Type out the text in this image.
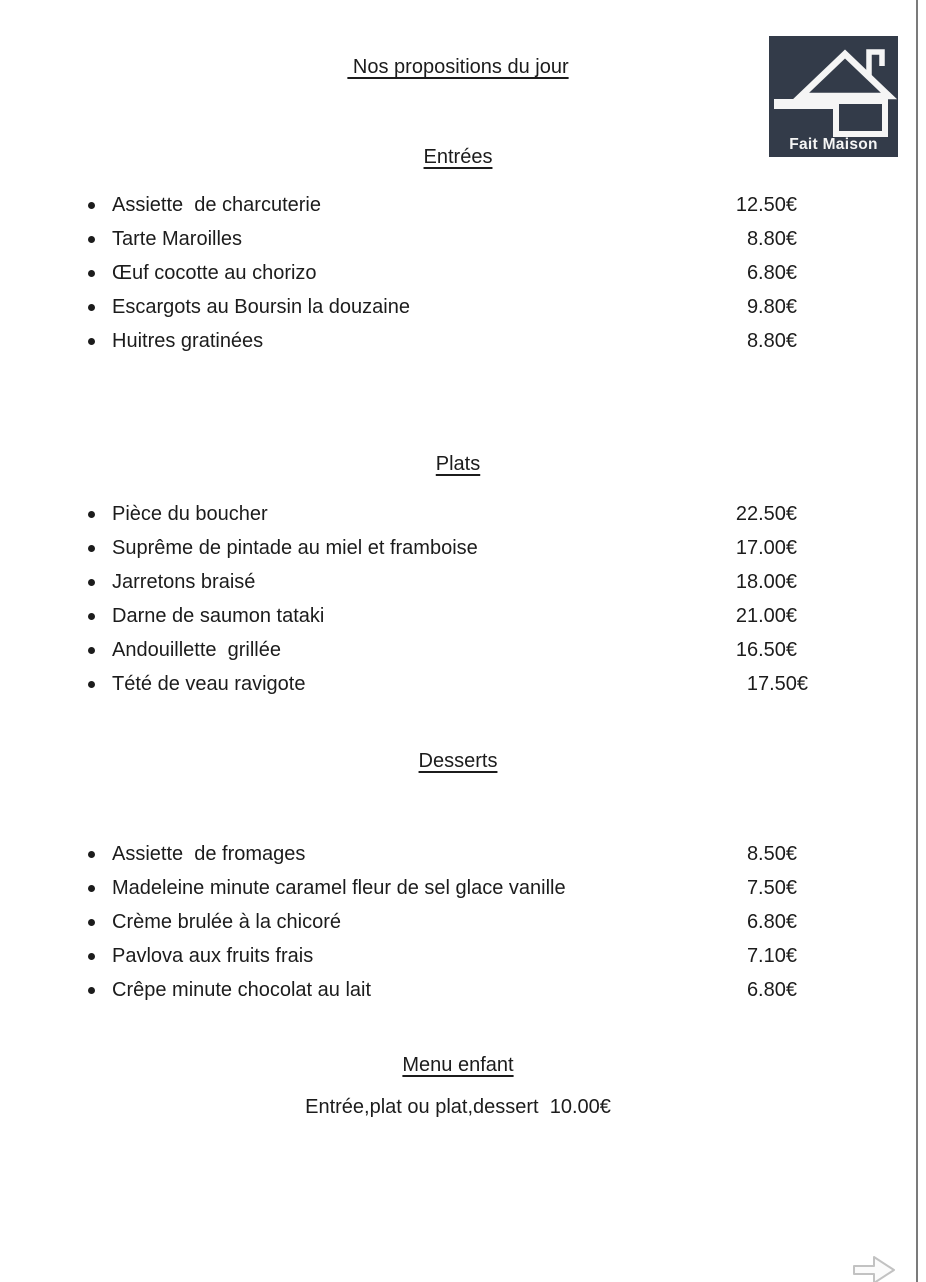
Nos propositions du jour
Fait Maison
Entrées
Assiette  de charcuterie	12.50€
Tarte Maroilles	8.80€
Œuf cocotte au chorizo	6.80€
Escargots au Boursin la douzaine	9.80€
Huitres gratinées	8.80€
Plats
Pièce du boucher	22.50€
Suprême de pintade au miel et framboise	17.00€
Jarretons braisé	18.00€
Darne de saumon tataki	21.00€
Andouillette  grillée	16.50€
Tété de veau ravigote	17.50€
Desserts
Assiette  de fromages	8.50€
Madeleine minute caramel fleur de sel glace vanille	7.50€
Crème brulée à la chicoré	6.80€
Pavlova aux fruits frais	7.10€
Crêpe minute chocolat au lait	6.80€
Menu enfant
Entrée,plat ou plat,dessert  10.00€
